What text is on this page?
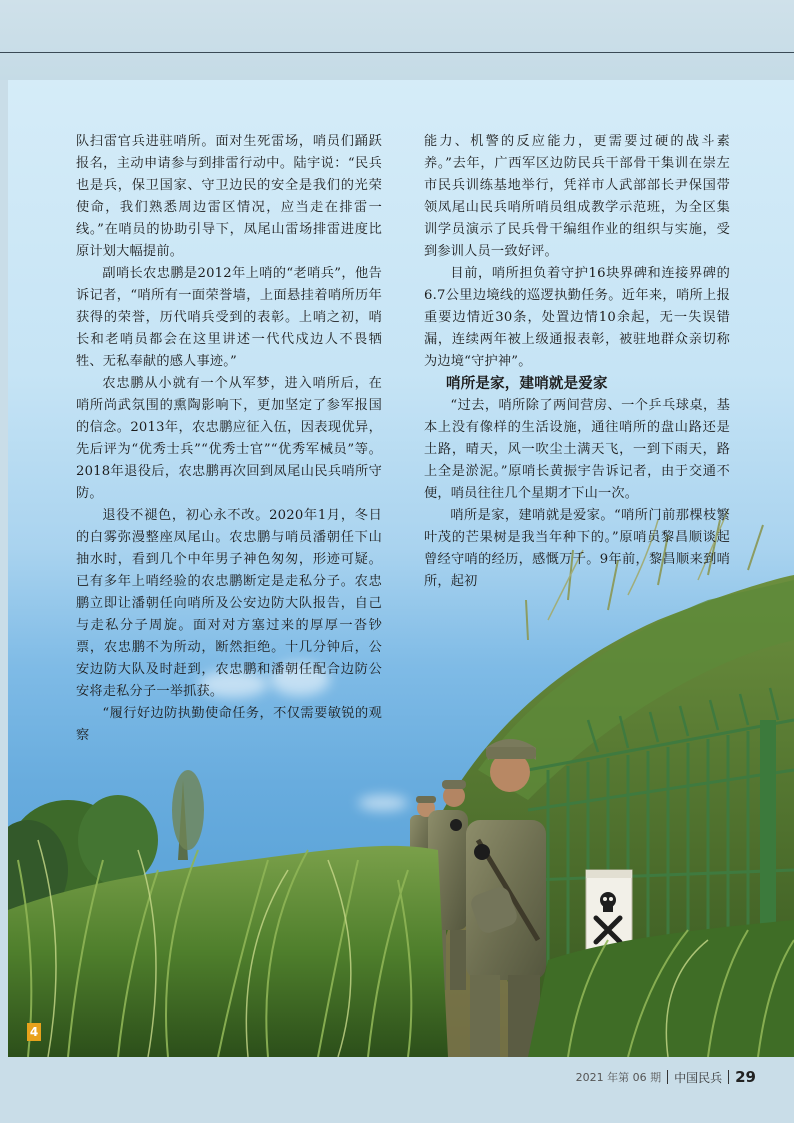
队扫雷官兵进驻哨所。面对生死雷场，哨员们踊跃报名，主动申请参与到排雷行动中。陆宇说：“民兵也是兵，保卫国家、守卫边民的安全是我们的光荣使命，我们熟悉周边雷区情况，应当走在排雷一线。”在哨员的协助引导下，凤尾山雷场排雷进度比原计划大幅提前。

副哨长农忠鹏是2012年上哨的“老哨兵”，他告诉记者，“哨所有一面荣誉墙，上面悬挂着哨所历年获得的荣誉，历代哨兵受到的表彰。上哨之初，哨长和老哨员都会在这里讲述一代代戍边人不畏牺牲、无私奉献的感人事迹。”

农忠鹏从小就有一个从军梦，进入哨所后，在哨所尚武氛围的熏陶影响下，更加坚定了参军报国的信念。2013年，农忠鹏应征入伍，因表现优异，先后评为“优秀士兵”“优秀士官”“优秀军械员”等。2018年退役后，农忠鹏再次回到凤尾山民兵哨所守防。

退役不褪色，初心永不改。2020年1月，冬日的白雾弥漫整座凤尾山。农忠鹏与哨员潘朝任下山抽水时，看到几个中年男子神色匆匆，形迹可疑。已有多年上哨经验的农忠鹏断定是走私分子。农忠鹏立即让潘朝任向哨所及公安边防大队报告，自己与走私分子周旋。面对对方塞过来的厚厚一沓钞票，农忠鹏不为所动，断然拒绝。十几分钟后，公安边防大队及时赶到，农忠鹏和潘朝任配合边防公安将走私分子一举抓获。

“履行好边防执勤使命任务，不仅需要敏锐的观察

能力、机警的反应能力，更需要过硬的战斗素养。”去年，广西军区边防民兵干部骨干集训在崇左市民兵训练基地举行，凭祥市人武部部长尹保国带领凤尾山民兵哨所哨员组成教学示范班，为全区集训学员演示了民兵骨干编组作业的组织与实施，受到参训人员一致好评。

目前，哨所担负着守护16块界碑和连接界碑的6.7公里边境线的巡逻执勤任务。近年来，哨所上报重要边情近30条，处置边情10余起，无一失误错漏，连续两年被上级通报表彰，被驻地群众亲切称为边境“守护神”。

哨所是家，建哨就是爱家

“过去，哨所除了两间营房、一个乒乓球桌，基本上没有像样的生活设施，通往哨所的盘山路还是土路，晴天，风一吹尘土满天飞，一到下雨天，路上全是淤泥。”原哨长黄振宇告诉记者，由于交通不便，哨员往往几个星期才下山一次。

哨所是家，建哨就是爱家。“哨所门前那棵枝繁叶茂的芒果树是我当年种下的。”原哨员黎昌顺谈起曾经守哨的经历，感慨万千。9年前，黎昌顺来到哨所，起初

4
2021 年第 06 期 中国民兵 29
